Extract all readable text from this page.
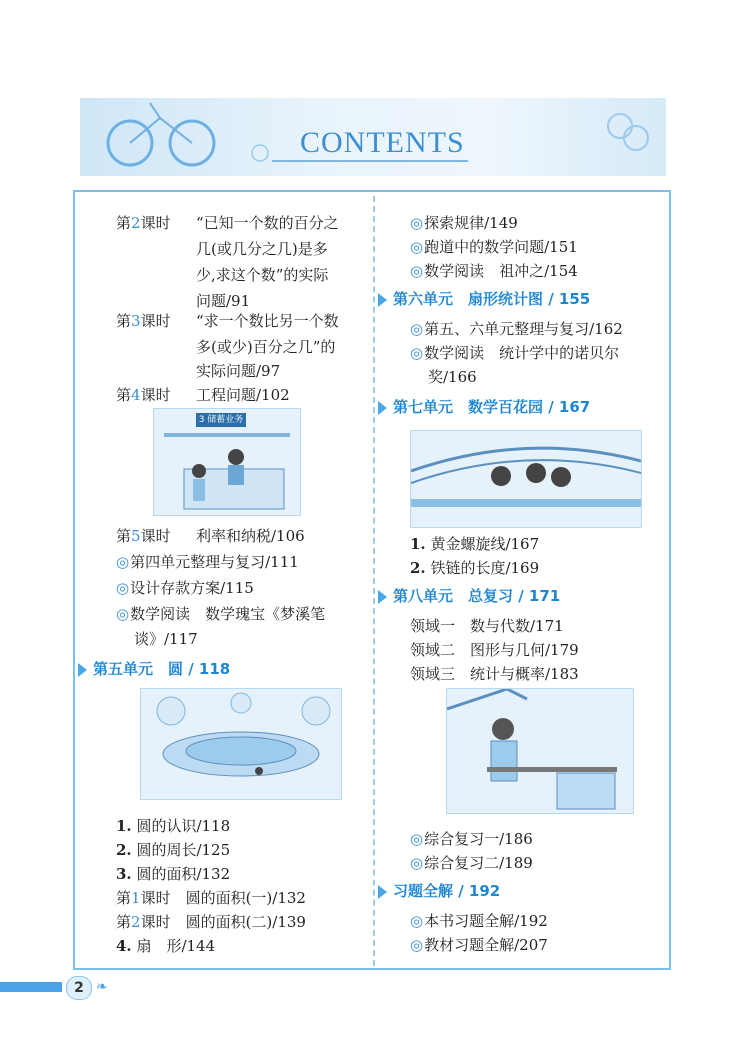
CONTENTS
第2课时 “已知一个数的百分之
几(或几分之几)是多
少,求这个数”的实际
问题/91
第3课时 “求一个数比另一个数
多(或少)百分之几”的
实际问题/97
第4课时 工程问题/102
3 储蓄业务
第5课时 利率和纳税/106
◎第四单元整理与复习/111
◎设计存款方案/115
◎数学阅读　数学瑰宝《梦溪笔
谈》/117
第五单元　圆 / 118
1. 圆的认识/118
2. 圆的周长/125
3. 圆的面积/132
第1课时　圆的面积(一)/132
第2课时　圆的面积(二)/139
4. 扇　形/144
◎探索规律/149
◎跑道中的数学问题/151
◎数学阅读　祖冲之/154
第六单元　扇形统计图 / 155
◎第五、六单元整理与复习/162
◎数学阅读　统计学中的诺贝尔
奖/166
第七单元　数学百花园 / 167
1. 黄金螺旋线/167
2. 铁链的长度/169
第八单元　总复习 / 171
领域一　数与代数/171
领域二　图形与几何/179
领域三　统计与概率/183
◎综合复习一/186
◎综合复习二/189
习题全解 / 192
◎本书习题全解/192
◎教材习题全解/207
2 ❧
